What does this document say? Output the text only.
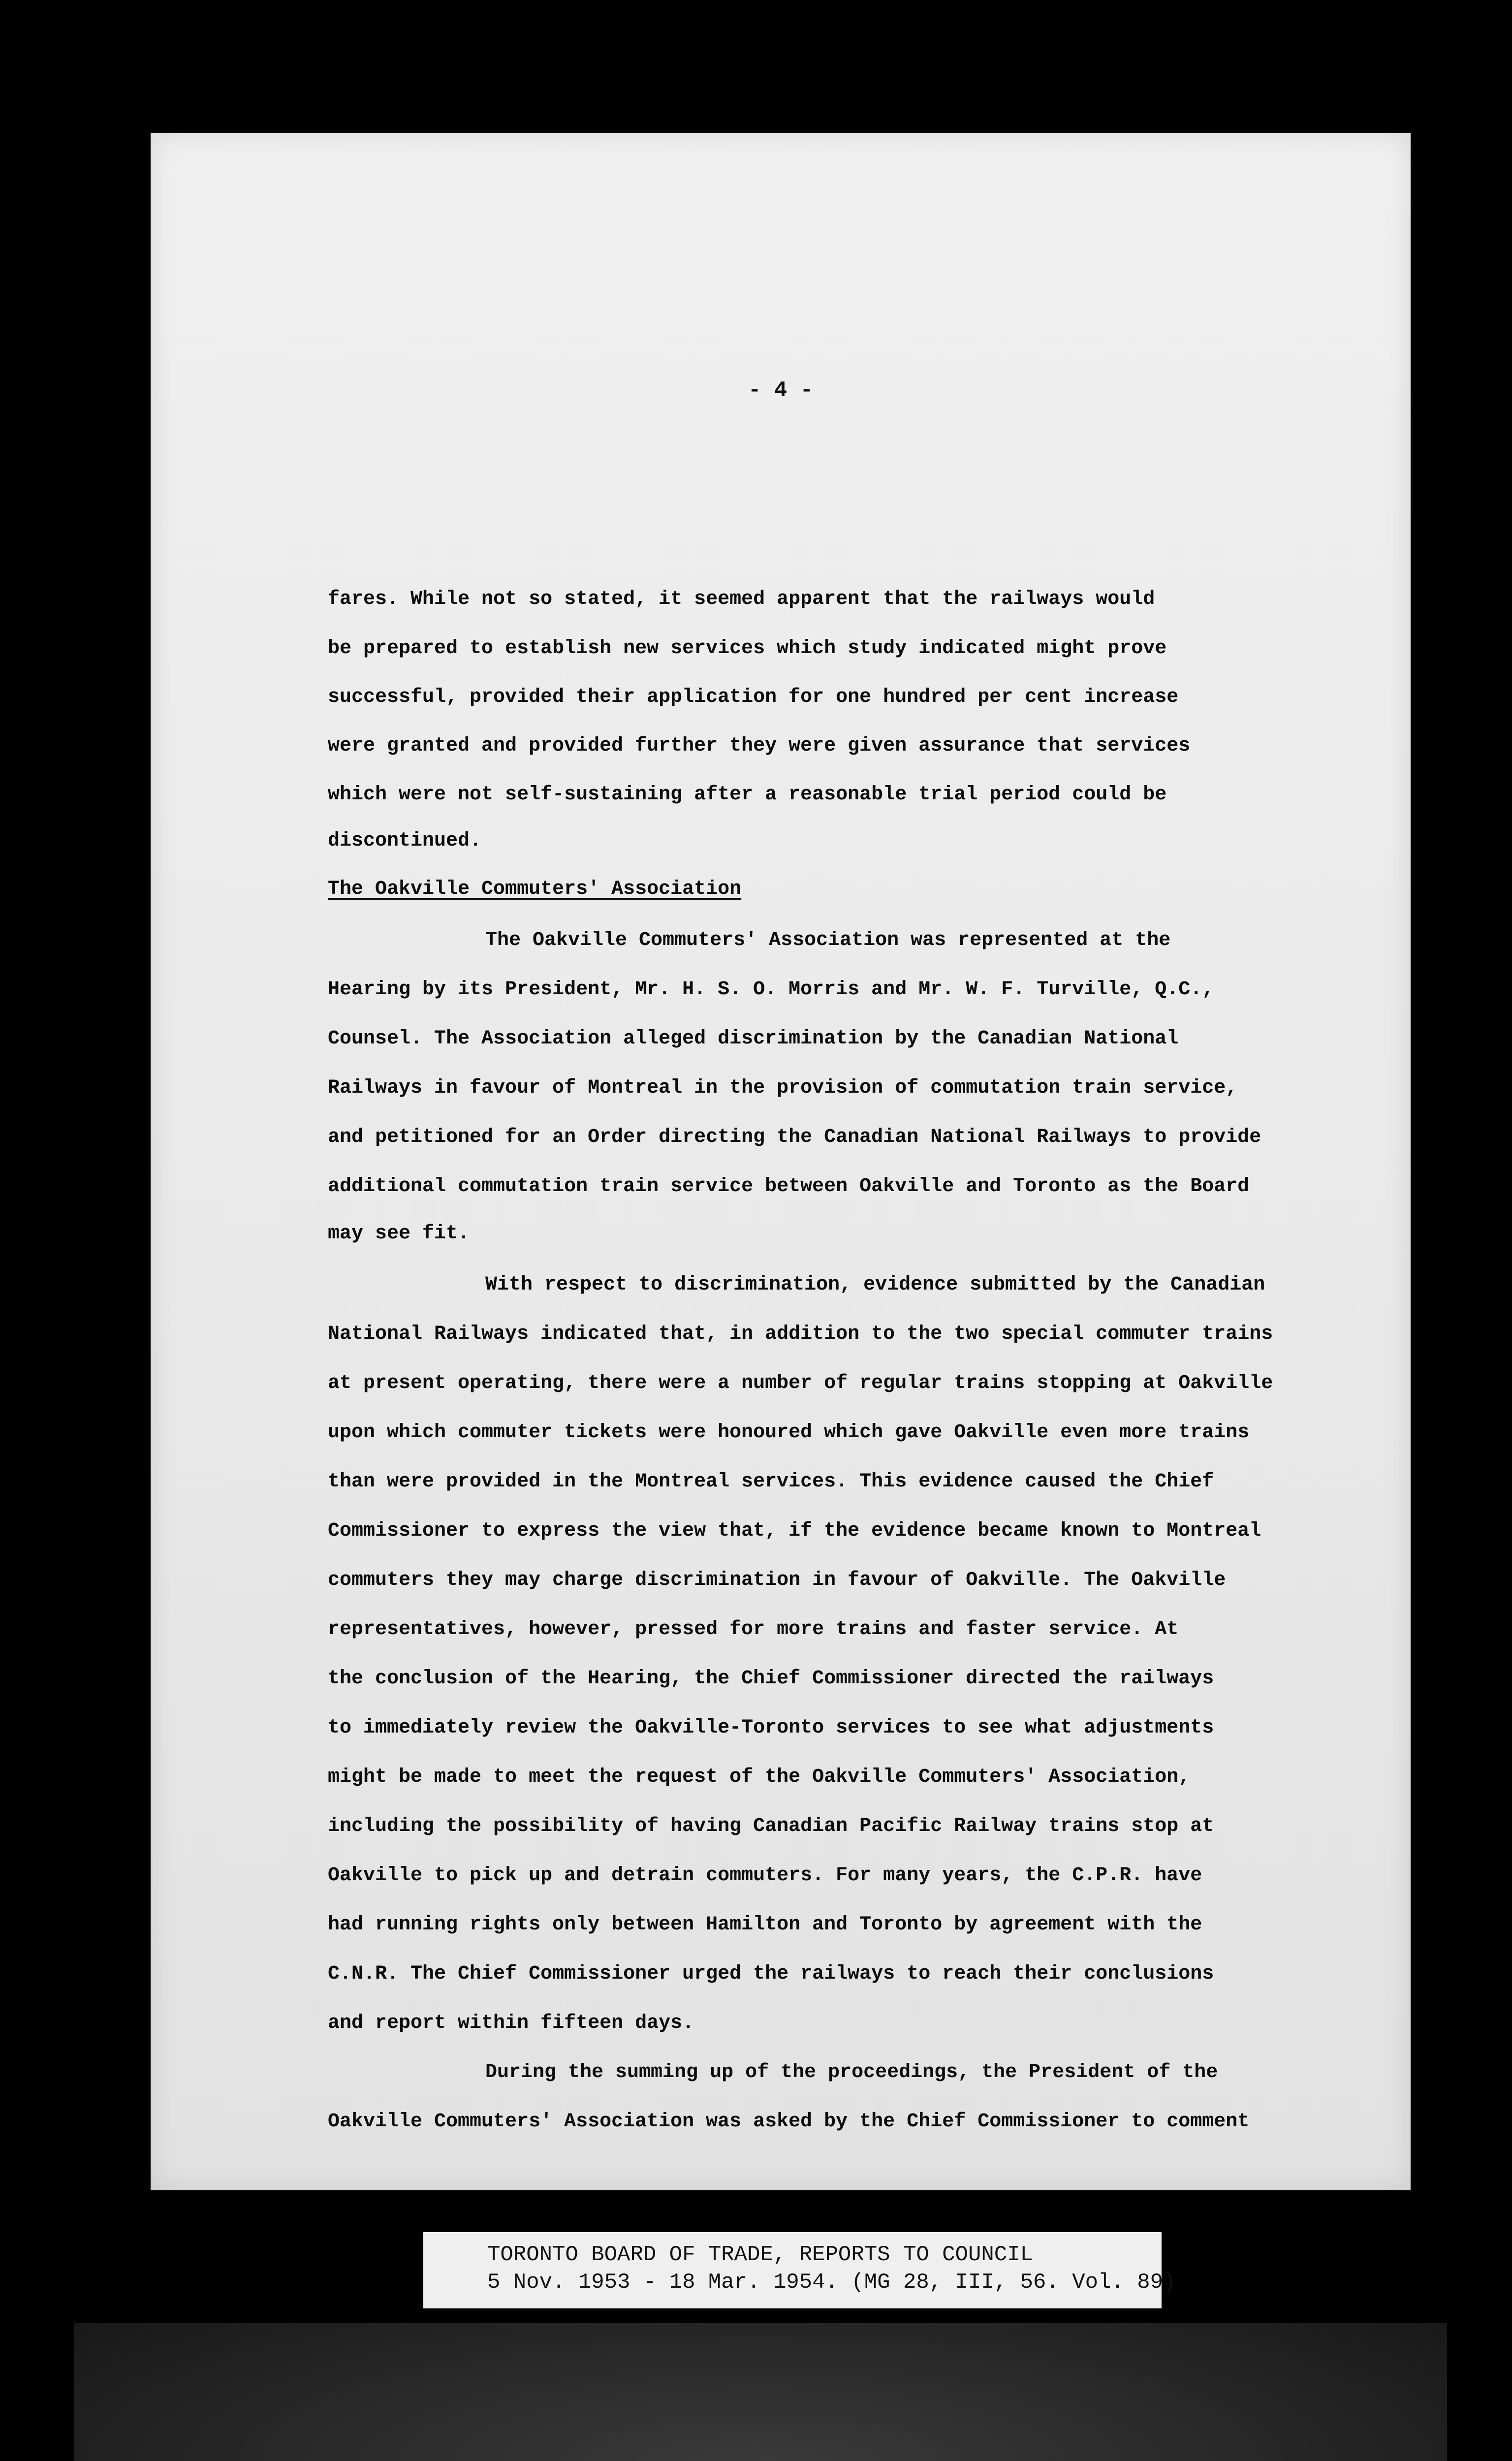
- 4 -
fares. While not so stated, it seemed apparent that the railways would
be prepared to establish new services which study indicated might prove
successful, provided their application for one hundred per cent increase
were granted and provided further they were given assurance that services
which were not self-sustaining after a reasonable trial period could be
discontinued.
The Oakville Commuters' Association
The Oakville Commuters' Association was represented at the
Hearing by its President, Mr. H. S. O. Morris and Mr. W. F. Turville, Q.C.,
Counsel. The Association alleged discrimination by the Canadian National
Railways in favour of Montreal in the provision of commutation train service,
and petitioned for an Order directing the Canadian National Railways to provide
additional commutation train service between Oakville and Toronto as the Board
may see fit.
With respect to discrimination, evidence submitted by the Canadian
National Railways indicated that, in addition to the two special commuter trains
at present operating, there were a number of regular trains stopping at Oakville
upon which commuter tickets were honoured which gave Oakville even more trains
than were provided in the Montreal services. This evidence caused the Chief
Commissioner to express the view that, if the evidence became known to Montreal
commuters they may charge discrimination in favour of Oakville. The Oakville
representatives, however, pressed for more trains and faster service. At
the conclusion of the Hearing, the Chief Commissioner directed the railways
to immediately review the Oakville-Toronto services to see what adjustments
might be made to meet the request of the Oakville Commuters' Association,
including the possibility of having Canadian Pacific Railway trains stop at
Oakville to pick up and detrain commuters. For many years, the C.P.R. have
had running rights only between Hamilton and Toronto by agreement with the
C.N.R. The Chief Commissioner urged the railways to reach their conclusions
and report within fifteen days.
During the summing up of the proceedings, the President of the
Oakville Commuters' Association was asked by the Chief Commissioner to comment
TORONTO BOARD OF TRADE, REPORTS TO COUNCIL
5 Nov. 1953 - 18 Mar. 1954. (MG 28, III, 56. Vol. 89)
